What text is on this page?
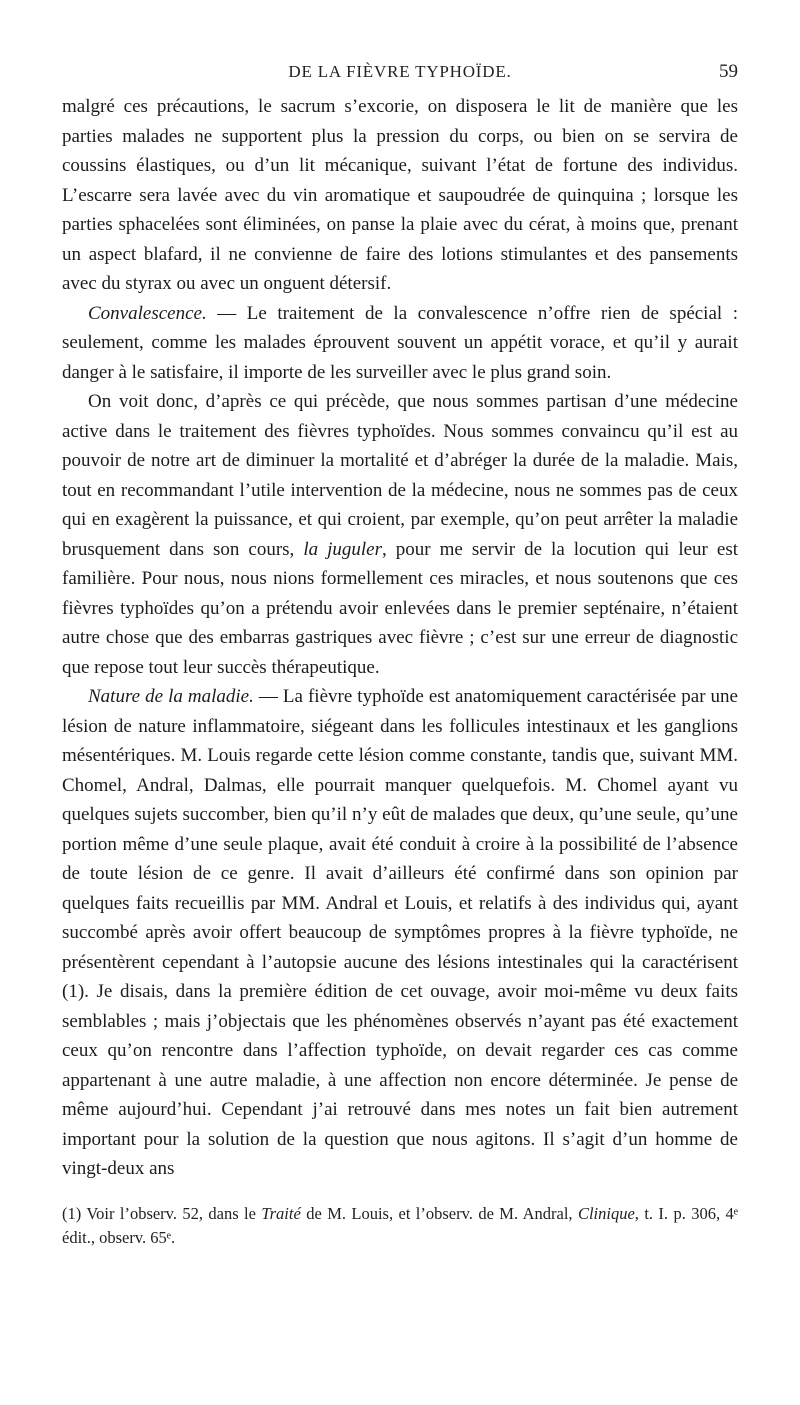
DE LA FIÈVRE TYPHOÏDE.	59

malgré ces précautions, le sacrum s’excorie, on disposera le lit de manière que les parties malades ne supportent plus la pression du corps, ou bien on se servira de coussins élastiques, ou d’un lit mécanique, suivant l’état de fortune des individus. L’escarre sera lavée avec du vin aromatique et saupoudrée de quinquina ; lorsque les parties sphacelées sont éliminées, on panse la plaie avec du cérat, à moins que, prenant un aspect blafard, il ne convienne de faire des lotions stimulantes et des pansements avec du styrax ou avec un onguent détersif.

Convalescence. — Le traitement de la convalescence n’offre rien de spécial : seulement, comme les malades éprouvent souvent un appétit vorace, et qu’il y aurait danger à le satisfaire, il importe de les surveiller avec le plus grand soin.

On voit donc, d’après ce qui précède, que nous sommes partisan d’une médecine active dans le traitement des fièvres typhoïdes. Nous sommes convaincu qu’il est au pouvoir de notre art de diminuer la mortalité et d’abréger la durée de la maladie. Mais, tout en recommandant l’utile intervention de la médecine, nous ne sommes pas de ceux qui en exagèrent la puissance, et qui croient, par exemple, qu’on peut arrêter la maladie brusquement dans son cours, la juguler, pour me servir de la locution qui leur est familière. Pour nous, nous nions formellement ces miracles, et nous soutenons que ces fièvres typhoïdes qu’on a prétendu avoir enlevées dans le premier septénaire, n’étaient autre chose que des embarras gastriques avec fièvre ; c’est sur une erreur de diagnostic que repose tout leur succès thérapeutique.

Nature de la maladie. — La fièvre typhoïde est anatomiquement caractérisée par une lésion de nature inflammatoire, siégeant dans les follicules intestinaux et les ganglions mésentériques. M. Louis regarde cette lésion comme constante, tandis que, suivant MM. Chomel, Andral, Dalmas, elle pourrait manquer quelquefois. M. Chomel ayant vu quelques sujets succomber, bien qu’il n’y eût de malades que deux, qu’une seule, qu’une portion même d’une seule plaque, avait été conduit à croire à la possibilité de l’absence de toute lésion de ce genre. Il avait d’ailleurs été confirmé dans son opinion par quelques faits recueillis par MM. Andral et Louis, et relatifs à des individus qui, ayant succombé après avoir offert beaucoup de symptômes propres à la fièvre typhoïde, ne présentèrent cependant à l’autopsie aucune des lésions intestinales qui la caractérisent (1). Je disais, dans la première édition de cet ouvage, avoir moi-même vu deux faits semblables ; mais j’objectais que les phénomènes observés n’ayant pas été exactement ceux qu’on rencontre dans l’affection typhoïde, on devait regarder ces cas comme appartenant à une autre maladie, à une affection non encore déterminée. Je pense de même aujourd’hui. Cependant j’ai retrouvé dans mes notes un fait bien autrement important pour la solution de la question que nous agitons. Il s’agit d’un homme de vingt-deux ans

(1) Voir l’observ. 52, dans le Traité de M. Louis, et l’observ. de M. Andral, Clinique, t. I. p. 306, 4ᵉ édit., observ. 65ᵉ.
